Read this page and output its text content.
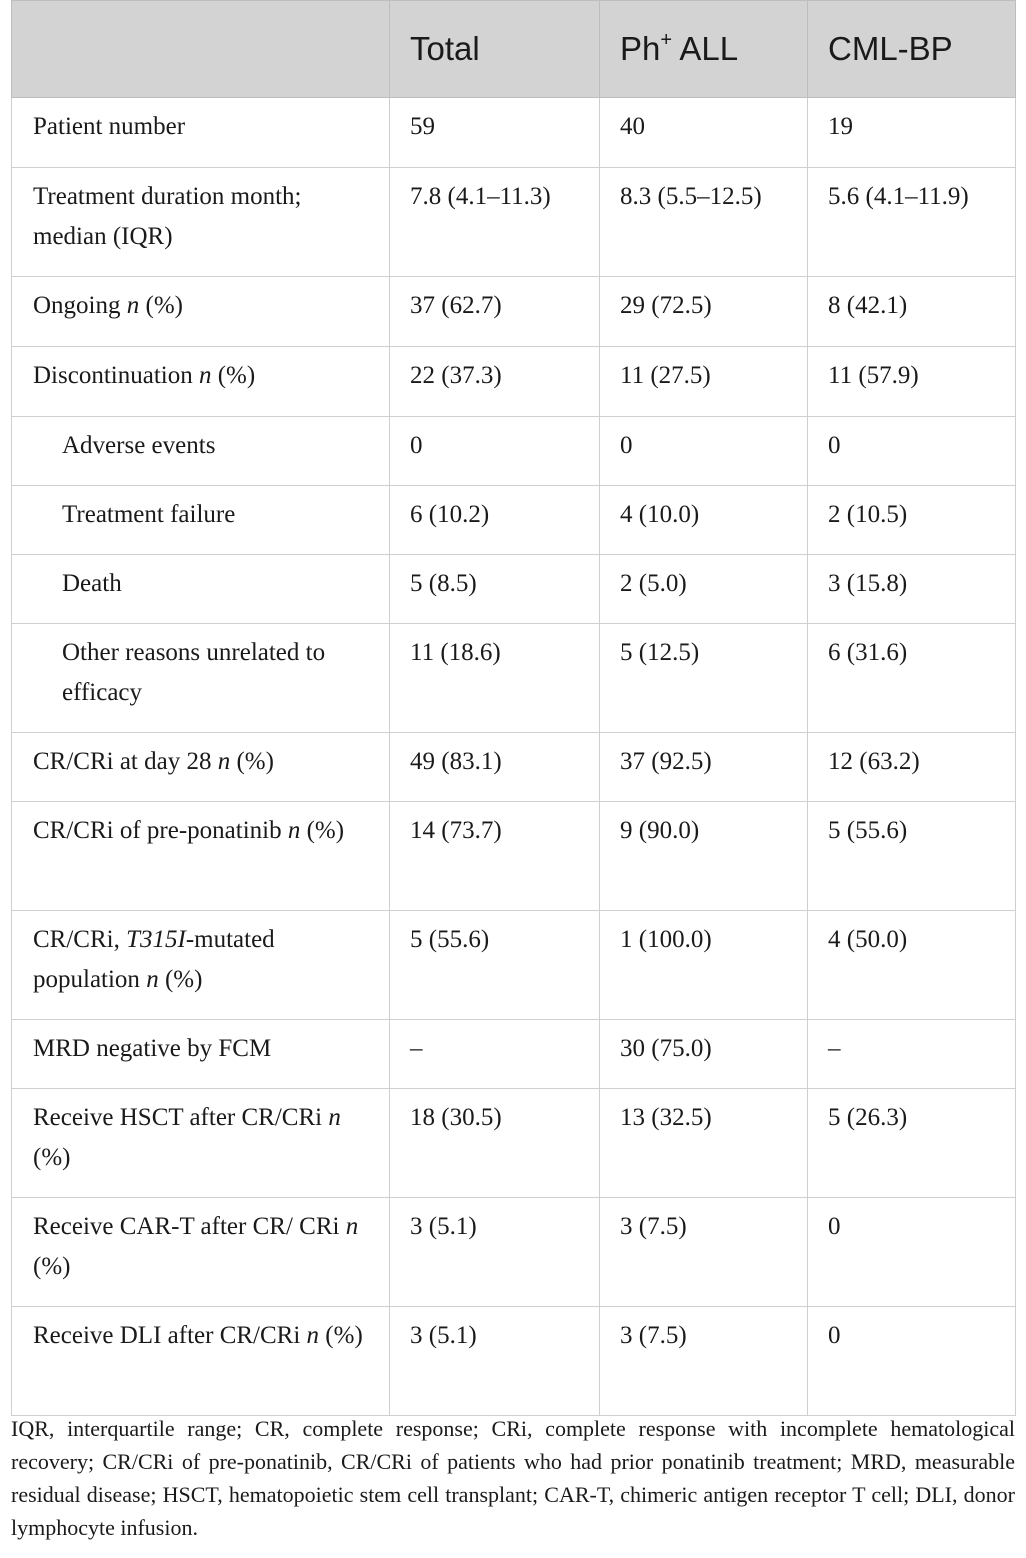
	Total	Ph+ ALL	CML-BP
Patient number	59	40	19
Treatment duration month; median (IQR)	7.8 (4.1–11.3)	8.3 (5.5–12.5)	5.6 (4.1–11.9)
Ongoing n (%)	37 (62.7)	29 (72.5)	8 (42.1)
Discontinuation n (%)	22 (37.3)	11 (27.5)	11 (57.9)
Adverse events	0	0	0
Treatment failure	6 (10.2)	4 (10.0)	2 (10.5)
Death	5 (8.5)	2 (5.0)	3 (15.8)
Other reasons unrelated to efficacy	11 (18.6)	5 (12.5)	6 (31.6)
CR/CRi at day 28 n (%)	49 (83.1)	37 (92.5)	12 (63.2)
CR/CRi of pre-ponatinib n (%)	14 (73.7)	9 (90.0)	5 (55.6)
CR/CRi, T315I-mutated population n (%)	5 (55.6)	1 (100.0)	4 (50.0)
MRD negative by FCM	–	30 (75.0)	–
Receive HSCT after CR/CRi n (%)	18 (30.5)	13 (32.5)	5 (26.3)
Receive CAR-T after CR/ CRi n (%)	3 (5.1)	3 (7.5)	0
Receive DLI after CR/CRi n (%)	3 (5.1)	3 (7.5)	0
IQR, interquartile range; CR, complete response; CRi, complete response with incomplete hematological recovery; CR/CRi of pre-ponatinib, CR/CRi of patients who had prior ponatinib treatment; MRD, measurable residual disease; HSCT, hematopoietic stem cell transplant; CAR-T, chimeric antigen receptor T cell; DLI, donor lymphocyte infusion.
